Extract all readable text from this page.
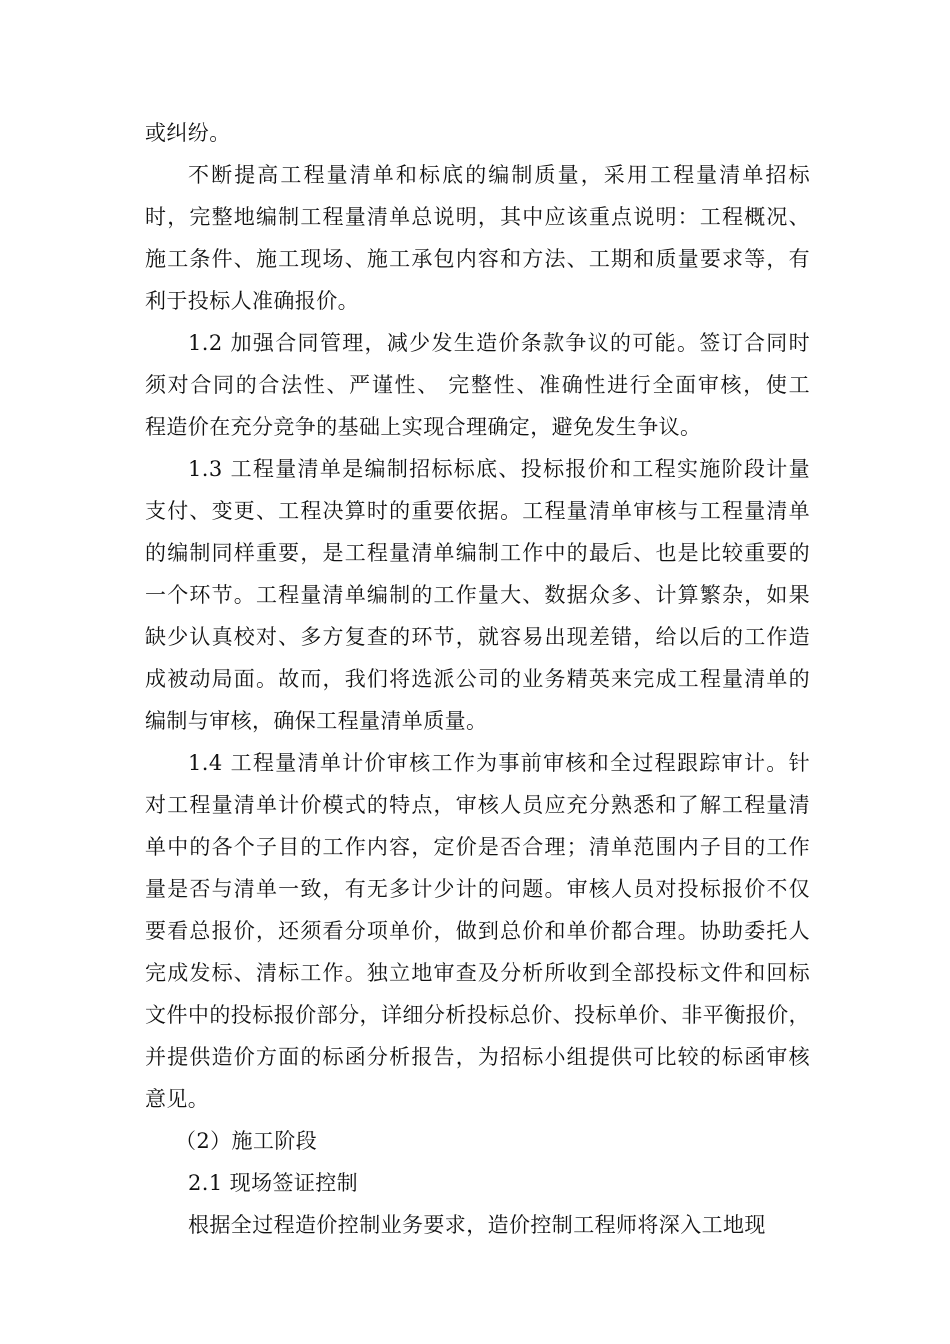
或纠纷。
不断提高工程量清单和标底的编制质量，采用工程量清单招标
时，完整地编制工程量清单总说明，其中应该重点说明：工程概况、
施工条件、施工现场、施工承包内容和方法、工期和质量要求等，有
利于投标人准确报价。
1.2 加强合同管理，减少发生造价条款争议的可能。签订合同时
须对合同的合法性、严谨性、 完整性、准确性进行全面审核，使工
程造价在充分竞争的基础上实现合理确定，避免发生争议。
1.3 工程量清单是编制招标标底、投标报价和工程实施阶段计量
支付、变更、工程决算时的重要依据。工程量清单审核与工程量清单
的编制同样重要，是工程量清单编制工作中的最后、也是比较重要的
一个环节。工程量清单编制的工作量大、数据众多、计算繁杂，如果
缺少认真校对、多方复查的环节，就容易出现差错，给以后的工作造
成被动局面。故而，我们将选派公司的业务精英来完成工程量清单的
编制与审核，确保工程量清单质量。
1.4 工程量清单计价审核工作为事前审核和全过程跟踪审计。针
对工程量清单计价模式的特点，审核人员应充分熟悉和了解工程量清
单中的各个子目的工作内容，定价是否合理；清单范围内子目的工作
量是否与清单一致，有无多计少计的问题。审核人员对投标报价不仅
要看总报价，还须看分项单价，做到总价和单价都合理。协助委托人
完成发标、清标工作。独立地审查及分析所收到全部投标文件和回标
文件中的投标报价部分，详细分析投标总价、投标单价、非平衡报价，
并提供造价方面的标函分析报告，为招标小组提供可比较的标函审核
意见。
（2）施工阶段
2.1 现场签证控制
根据全过程造价控制业务要求，造价控制工程师将深入工地现
